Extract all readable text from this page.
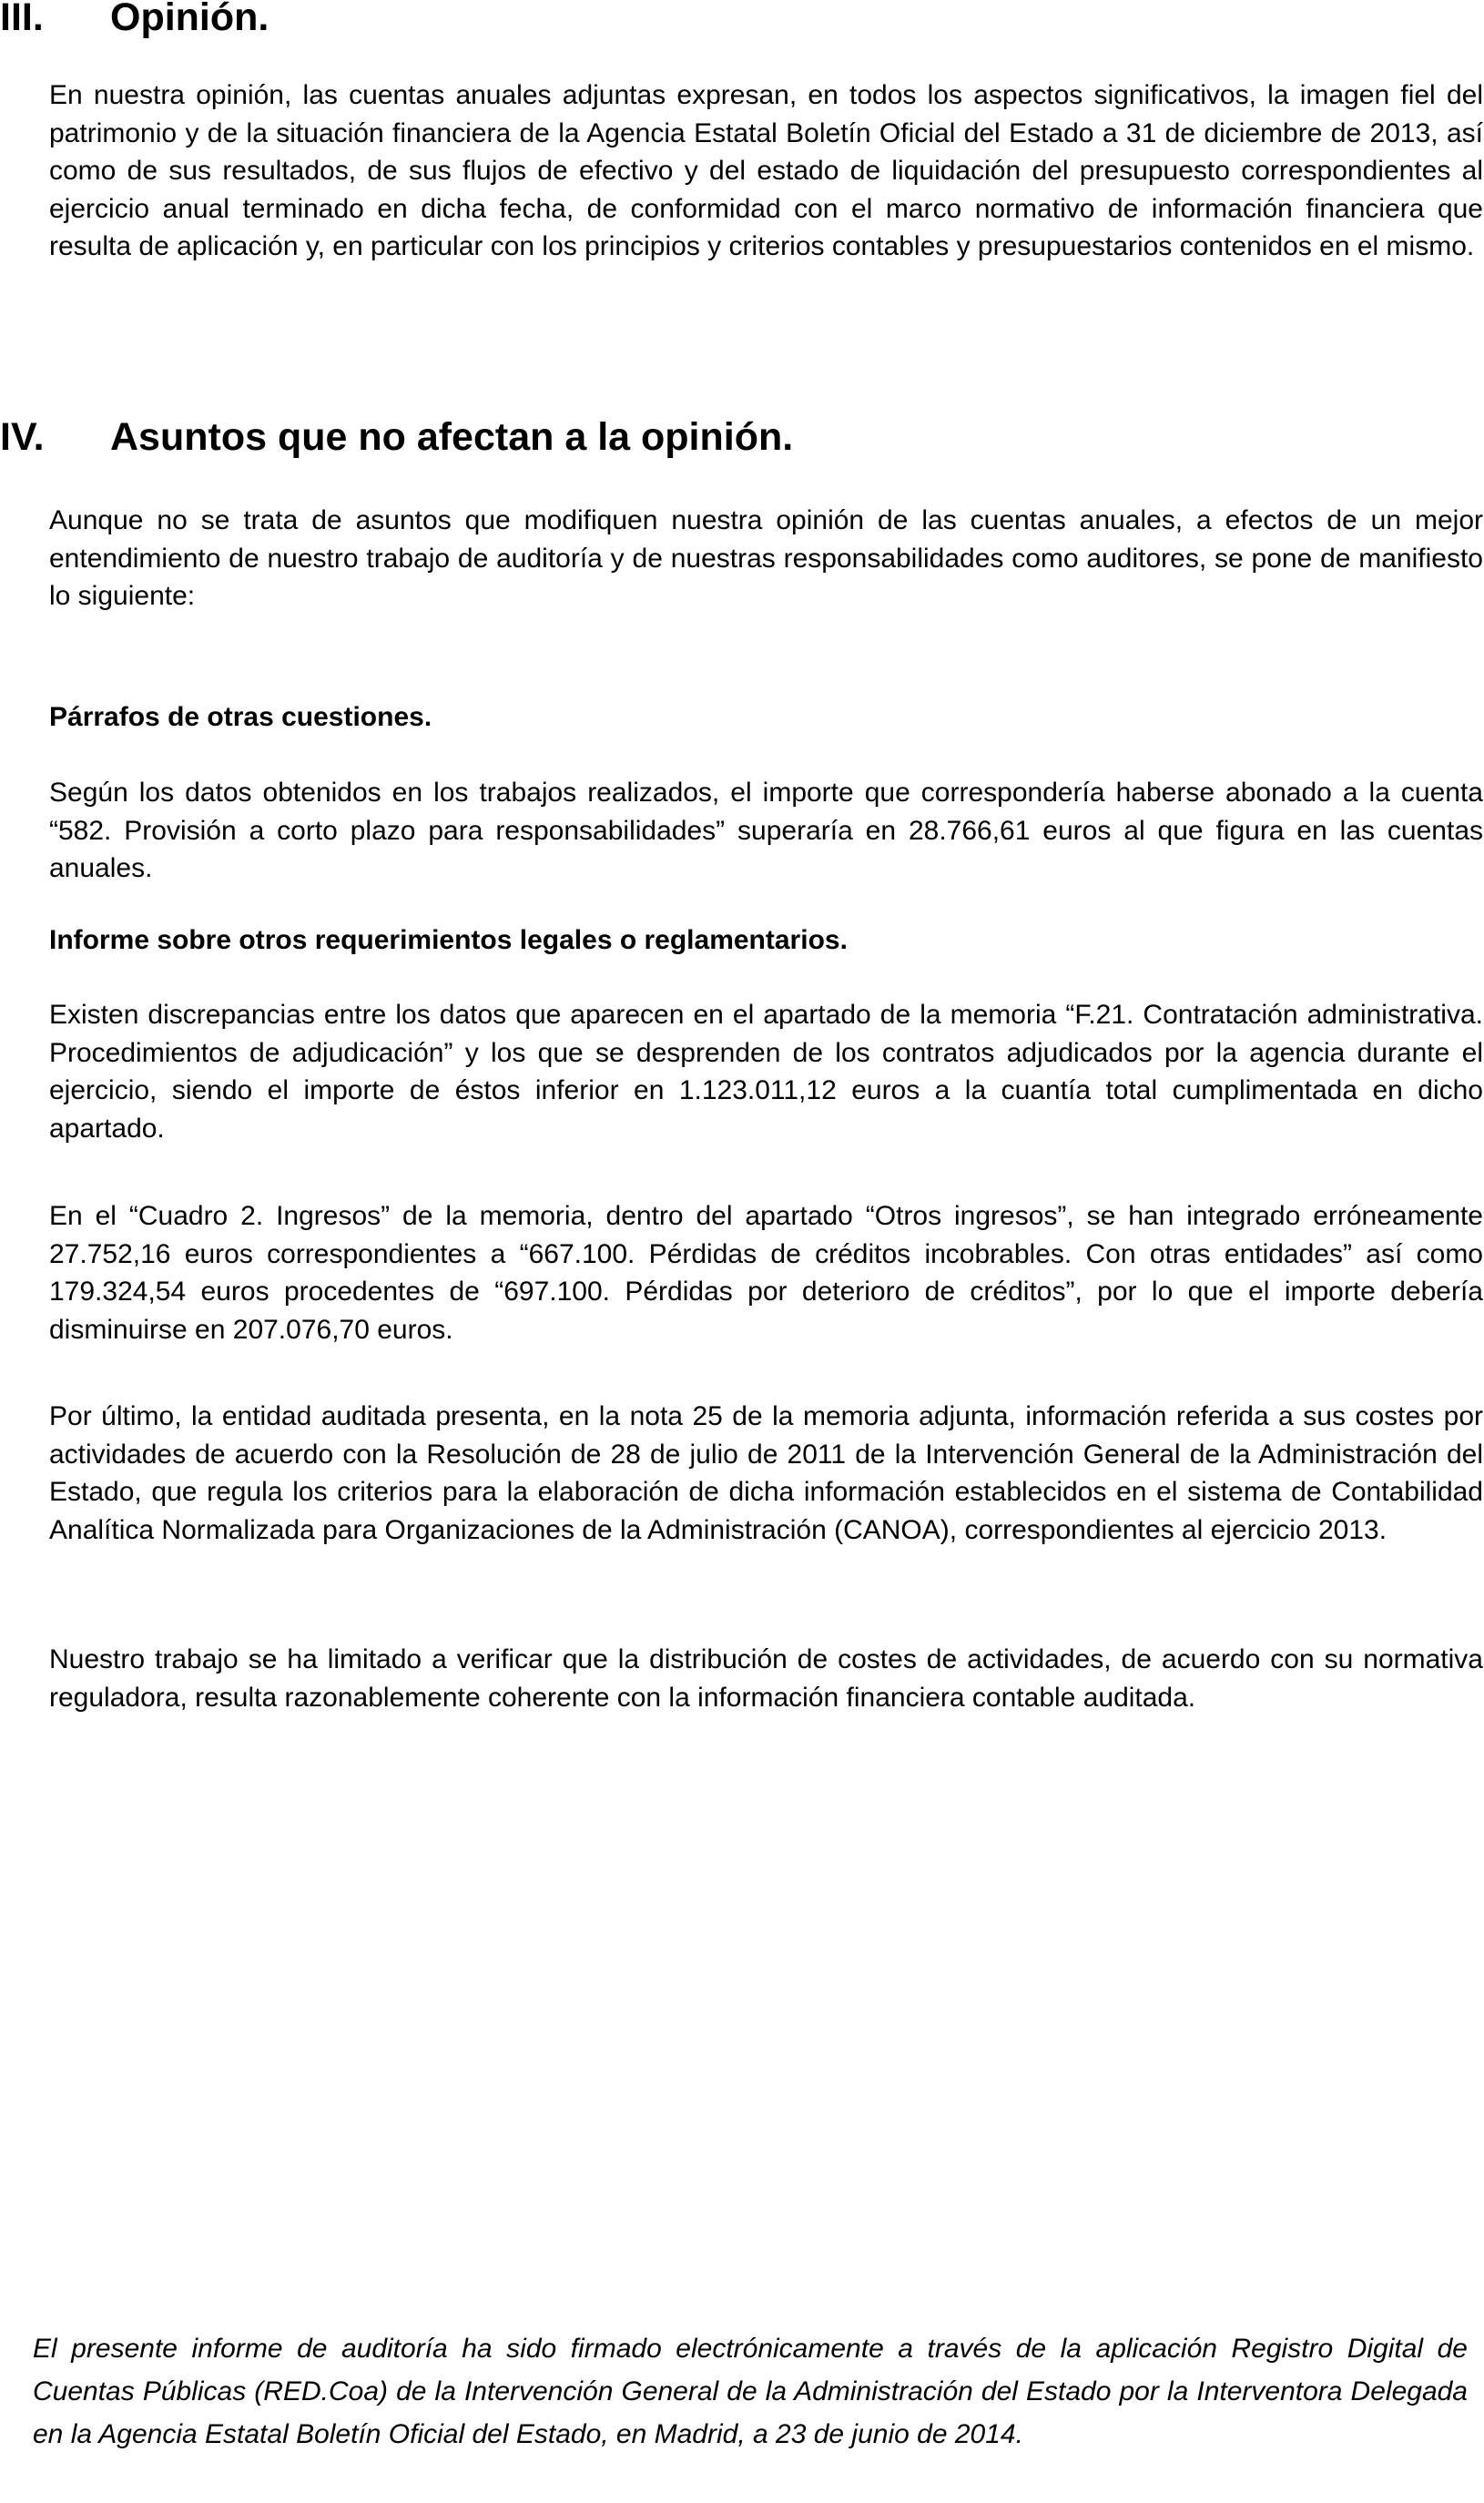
III. Opinión.
En nuestra opinión, las cuentas anuales adjuntas expresan, en todos los aspectos significativos, la imagen fiel del patrimonio y de la situación financiera de la Agencia Estatal Boletín Oficial del Estado a 31 de diciembre de 2013, así como de sus resultados, de sus flujos de efectivo y del estado de liquidación del presupuesto correspondientes al ejercicio anual terminado en dicha fecha, de conformidad con el marco normativo de información financiera que resulta de aplicación y, en particular con los principios y criterios contables y presupuestarios contenidos en el mismo.
IV. Asuntos que no afectan a la opinión.
Aunque no se trata de asuntos que modifiquen nuestra opinión de las cuentas anuales, a efectos de un mejor entendimiento de nuestro trabajo de auditoría y de nuestras responsabilidades como auditores, se pone de manifiesto lo siguiente:
Párrafos de otras cuestiones.
Según los datos obtenidos en los trabajos realizados, el importe que correspondería haberse abonado a la cuenta “582. Provisión a corto plazo para responsabilidades” superaría en 28.766,61 euros al que figura en las cuentas anuales.
Informe sobre otros requerimientos legales o reglamentarios.
Existen discrepancias entre los datos que aparecen en el apartado de la memoria “F.21. Contratación administrativa. Procedimientos de adjudicación” y los que se desprenden de los contratos adjudicados por la agencia durante el ejercicio, siendo el importe de éstos inferior en 1.123.011,12 euros a la cuantía total cumplimentada en dicho apartado.
En el “Cuadro 2. Ingresos” de la memoria, dentro del apartado “Otros ingresos”, se han integrado erróneamente 27.752,16 euros correspondientes a “667.100. Pérdidas de créditos incobrables. Con otras entidades” así como 179.324,54 euros procedentes de “697.100. Pérdidas por deterioro de créditos”, por lo que el importe debería disminuirse en 207.076,70 euros.
Por último, la entidad auditada presenta, en la nota 25 de la memoria adjunta, información referida a sus costes por actividades de acuerdo con la Resolución de 28 de julio de 2011 de la Intervención General de la Administración del Estado, que regula los criterios para la elaboración de dicha información establecidos en el sistema de Contabilidad Analítica Normalizada para Organizaciones de la Administración (CANOA), correspondientes al ejercicio 2013.
Nuestro trabajo se ha limitado a verificar que la distribución de costes de actividades, de acuerdo con su normativa reguladora, resulta razonablemente coherente con la información financiera contable auditada.
El presente informe de auditoría ha sido firmado electrónicamente a través de la aplicación Registro Digital de Cuentas Públicas (RED.Coa) de la Intervención General de la Administración del Estado por la Interventora Delegada en la Agencia Estatal Boletín Oficial del Estado, en Madrid, a 23 de junio de 2014.
